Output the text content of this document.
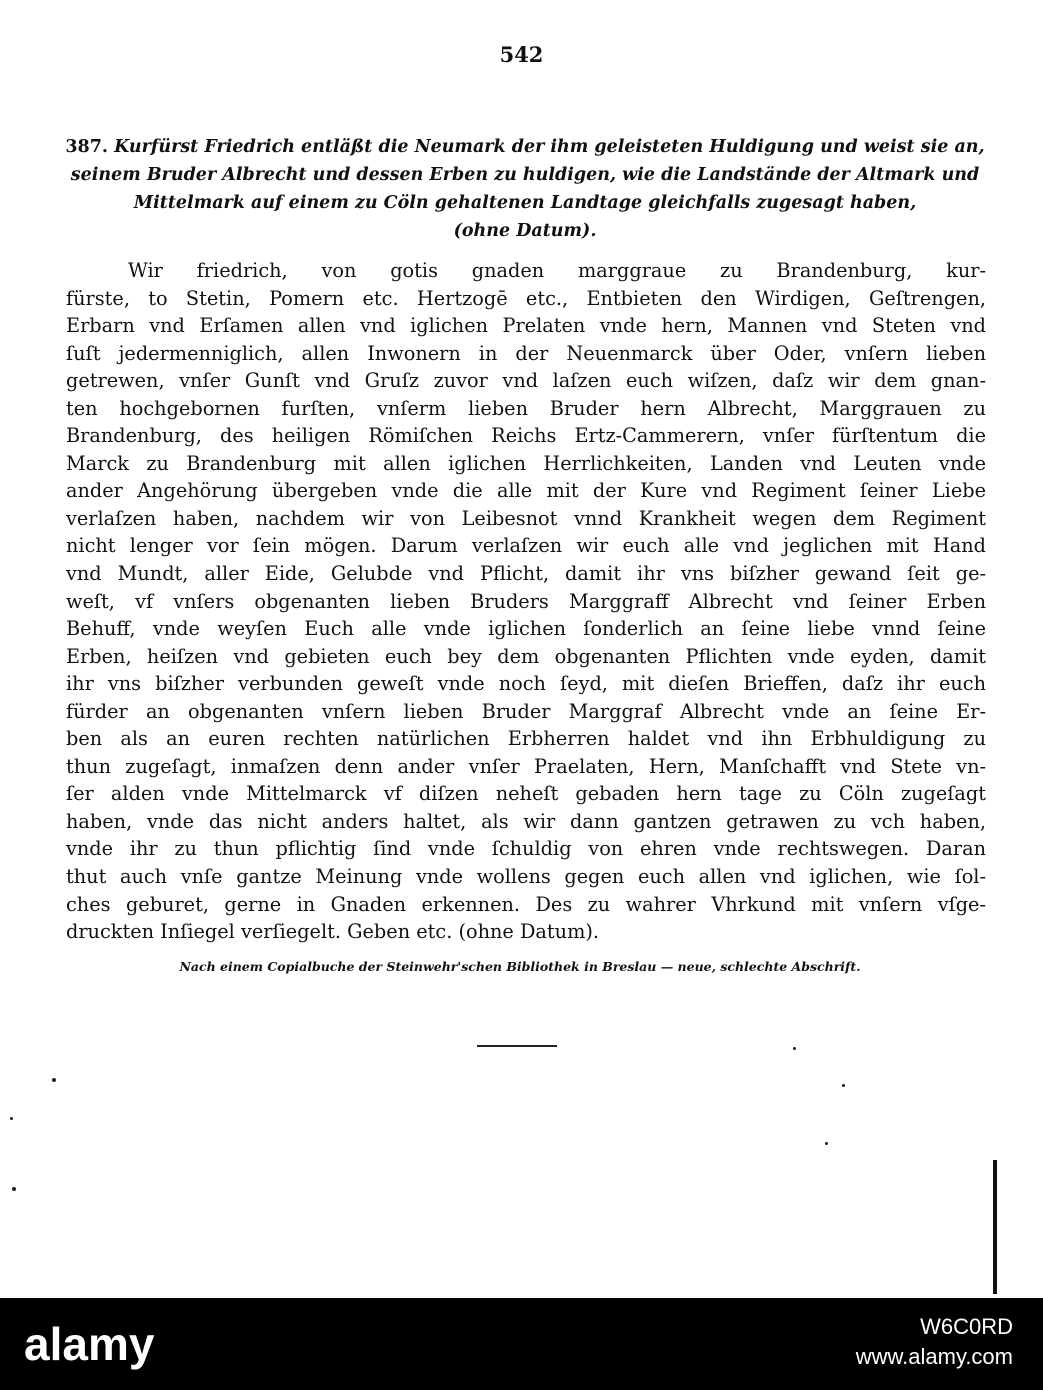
542
387. Kurfürst Friedrich entläßt die Neumark der ihm geleisteten Huldigung und weist sie an,
seinem Bruder Albrecht und dessen Erben zu huldigen, wie die Landstände der Altmark und
Mittelmark auf einem zu Cöln gehaltenen Landtage gleichfalls zugesagt haben,
(ohne Datum).
Wir friedrich, von gotis gnaden marggraue zu Brandenburg, kur-
fürste, to Stetin, Pomern etc. Hertzogē etc., Entbieten den Wirdigen, Geſtrengen,
Erbarn vnd Erſamen allen vnd iglichen Prelaten vnde hern, Mannen vnd Steten vnd
ſuſt jedermenniglich, allen Inwonern in der Neuenmarck über Oder, vnſern lieben
getrewen, vnſer Gunſt vnd Gruſz zuvor vnd laſzen euch wiſzen, daſz wir dem gnan-
ten hochgebornen furſten, vnſerm lieben Bruder hern Albrecht, Marggrauen zu
Brandenburg, des heiligen Römiſchen Reichs Ertz-Cammerern, vnſer fürſtentum die
Marck zu Brandenburg mit allen iglichen Herrlichkeiten, Landen vnd Leuten vnde
ander Angehörung übergeben vnde die alle mit der Kure vnd Regiment ſeiner Liebe
verlaſzen haben, nachdem wir von Leibesnot vnnd Krankheit wegen dem Regiment
nicht lenger vor ſein mögen. Darum verlaſzen wir euch alle vnd jeglichen mit Hand
vnd Mundt, aller Eide, Gelubde vnd Pflicht, damit ihr vns biſzher gewand ſeit ge-
weſt, vf vnſers obgenanten lieben Bruders Marggraff Albrecht vnd ſeiner Erben
Behuff, vnde weyſen Euch alle vnde iglichen ſonderlich an ſeine liebe vnnd ſeine
Erben, heiſzen vnd gebieten euch bey dem obgenanten Pflichten vnde eyden, damit
ihr vns biſzher verbunden geweſt vnde noch ſeyd, mit dieſen Brieffen, daſz ihr euch
fürder an obgenanten vnſern lieben Bruder Marggraf Albrecht vnde an ſeine Er-
ben als an euren rechten natürlichen Erbherren haldet vnd ihn Erbhuldigung zu
thun zugeſagt, inmaſzen denn ander vnſer Praelaten, Hern, Manſchafft vnd Stete vn-
ſer alden vnde Mittelmarck vf diſzen neheſt gebaden hern tage zu Cöln zugeſagt
haben, vnde das nicht anders haltet, als wir dann gantzen getrawen zu vch haben,
vnde ihr zu thun pflichtig ſind vnde ſchuldig von ehren vnde rechtswegen. Daran
thut auch vnſe gantze Meinung vnde wollens gegen euch allen vnd iglichen, wie ſol-
ches geburet, gerne in Gnaden erkennen. Des zu wahrer Vhrkund mit vnſern vſge-
druckten Inſiegel verſiegelt. Geben etc. (ohne Datum).
Nach einem Copialbuche der Steinwehr'schen Bibliothek in Breslau — neue, schlechte Abschrift.
alamy	W6C0RD
www.alamy.com
